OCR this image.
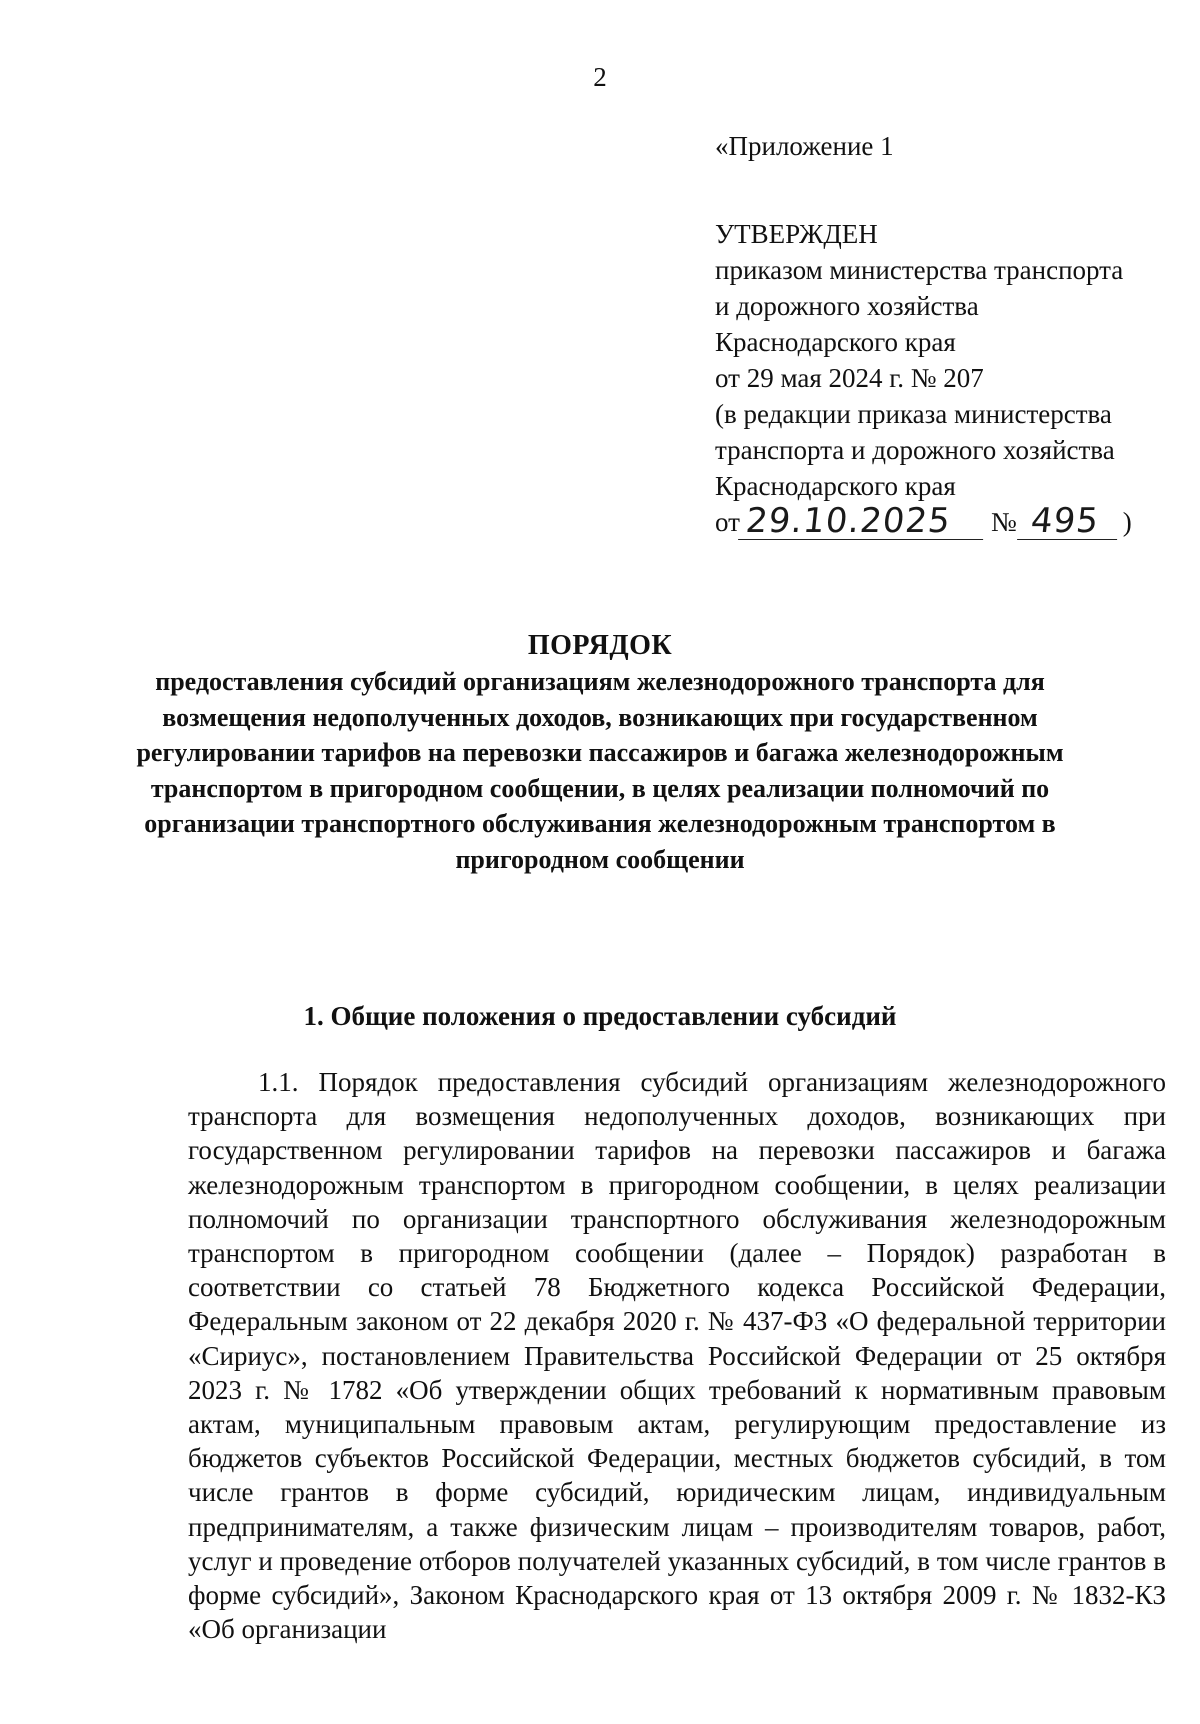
2
«Приложение 1
УТВЕРЖДЕН
приказом министерства транспорта
и дорожного хозяйства
Краснодарского края
от 29 мая 2024 г. № 207
(в редакции приказа министерства
транспорта и дорожного хозяйства
Краснодарского края
от 29.10.2025	№ 495 )
ПОРЯДОК
предоставления субсидий организациям железнодорожного транспорта для возмещения недополученных доходов, возникающих при государственном регулировании тарифов на перевозки пассажиров и багажа железнодорожным транспортом в пригородном сообщении, в целях реализации полномочий по организации транспортного обслуживания железнодорожным транспортом в пригородном сообщении
1. Общие положения о предоставлении субсидий

1.1. Порядок предоставления субсидий организациям железнодорожного транспорта для возмещения недополученных доходов, возникающих при государственном регулировании тарифов на перевозки пассажиров и багажа железнодорожным транспортом в пригородном сообщении, в целях реализации полномочий по организации транспортного обслуживания железнодорожным транспортом в пригородном сообщении (далее – Порядок) разработан в соответствии со статьей 78 Бюджетного кодекса Российской Федерации, Федеральным законом от 22 декабря 2020 г. № 437-ФЗ «О федеральной территории «Сириус», постановлением Правительства Российской Федерации от 25 октября 2023 г. № 1782 «Об утверждении общих требований к нормативным правовым актам, муниципальным правовым актам, регулирующим предоставление из бюджетов субъектов Российской Федерации, местных бюджетов субсидий, в том числе грантов в форме субсидий, юридическим лицам, индивидуальным предпринимателям, а также физическим лицам – производителям товаров, работ, услуг и проведение отборов получателей указанных субсидий, в том числе грантов в форме субсидий», Законом Краснодарского края от 13 октября 2009 г. № 1832-КЗ «Об организации
